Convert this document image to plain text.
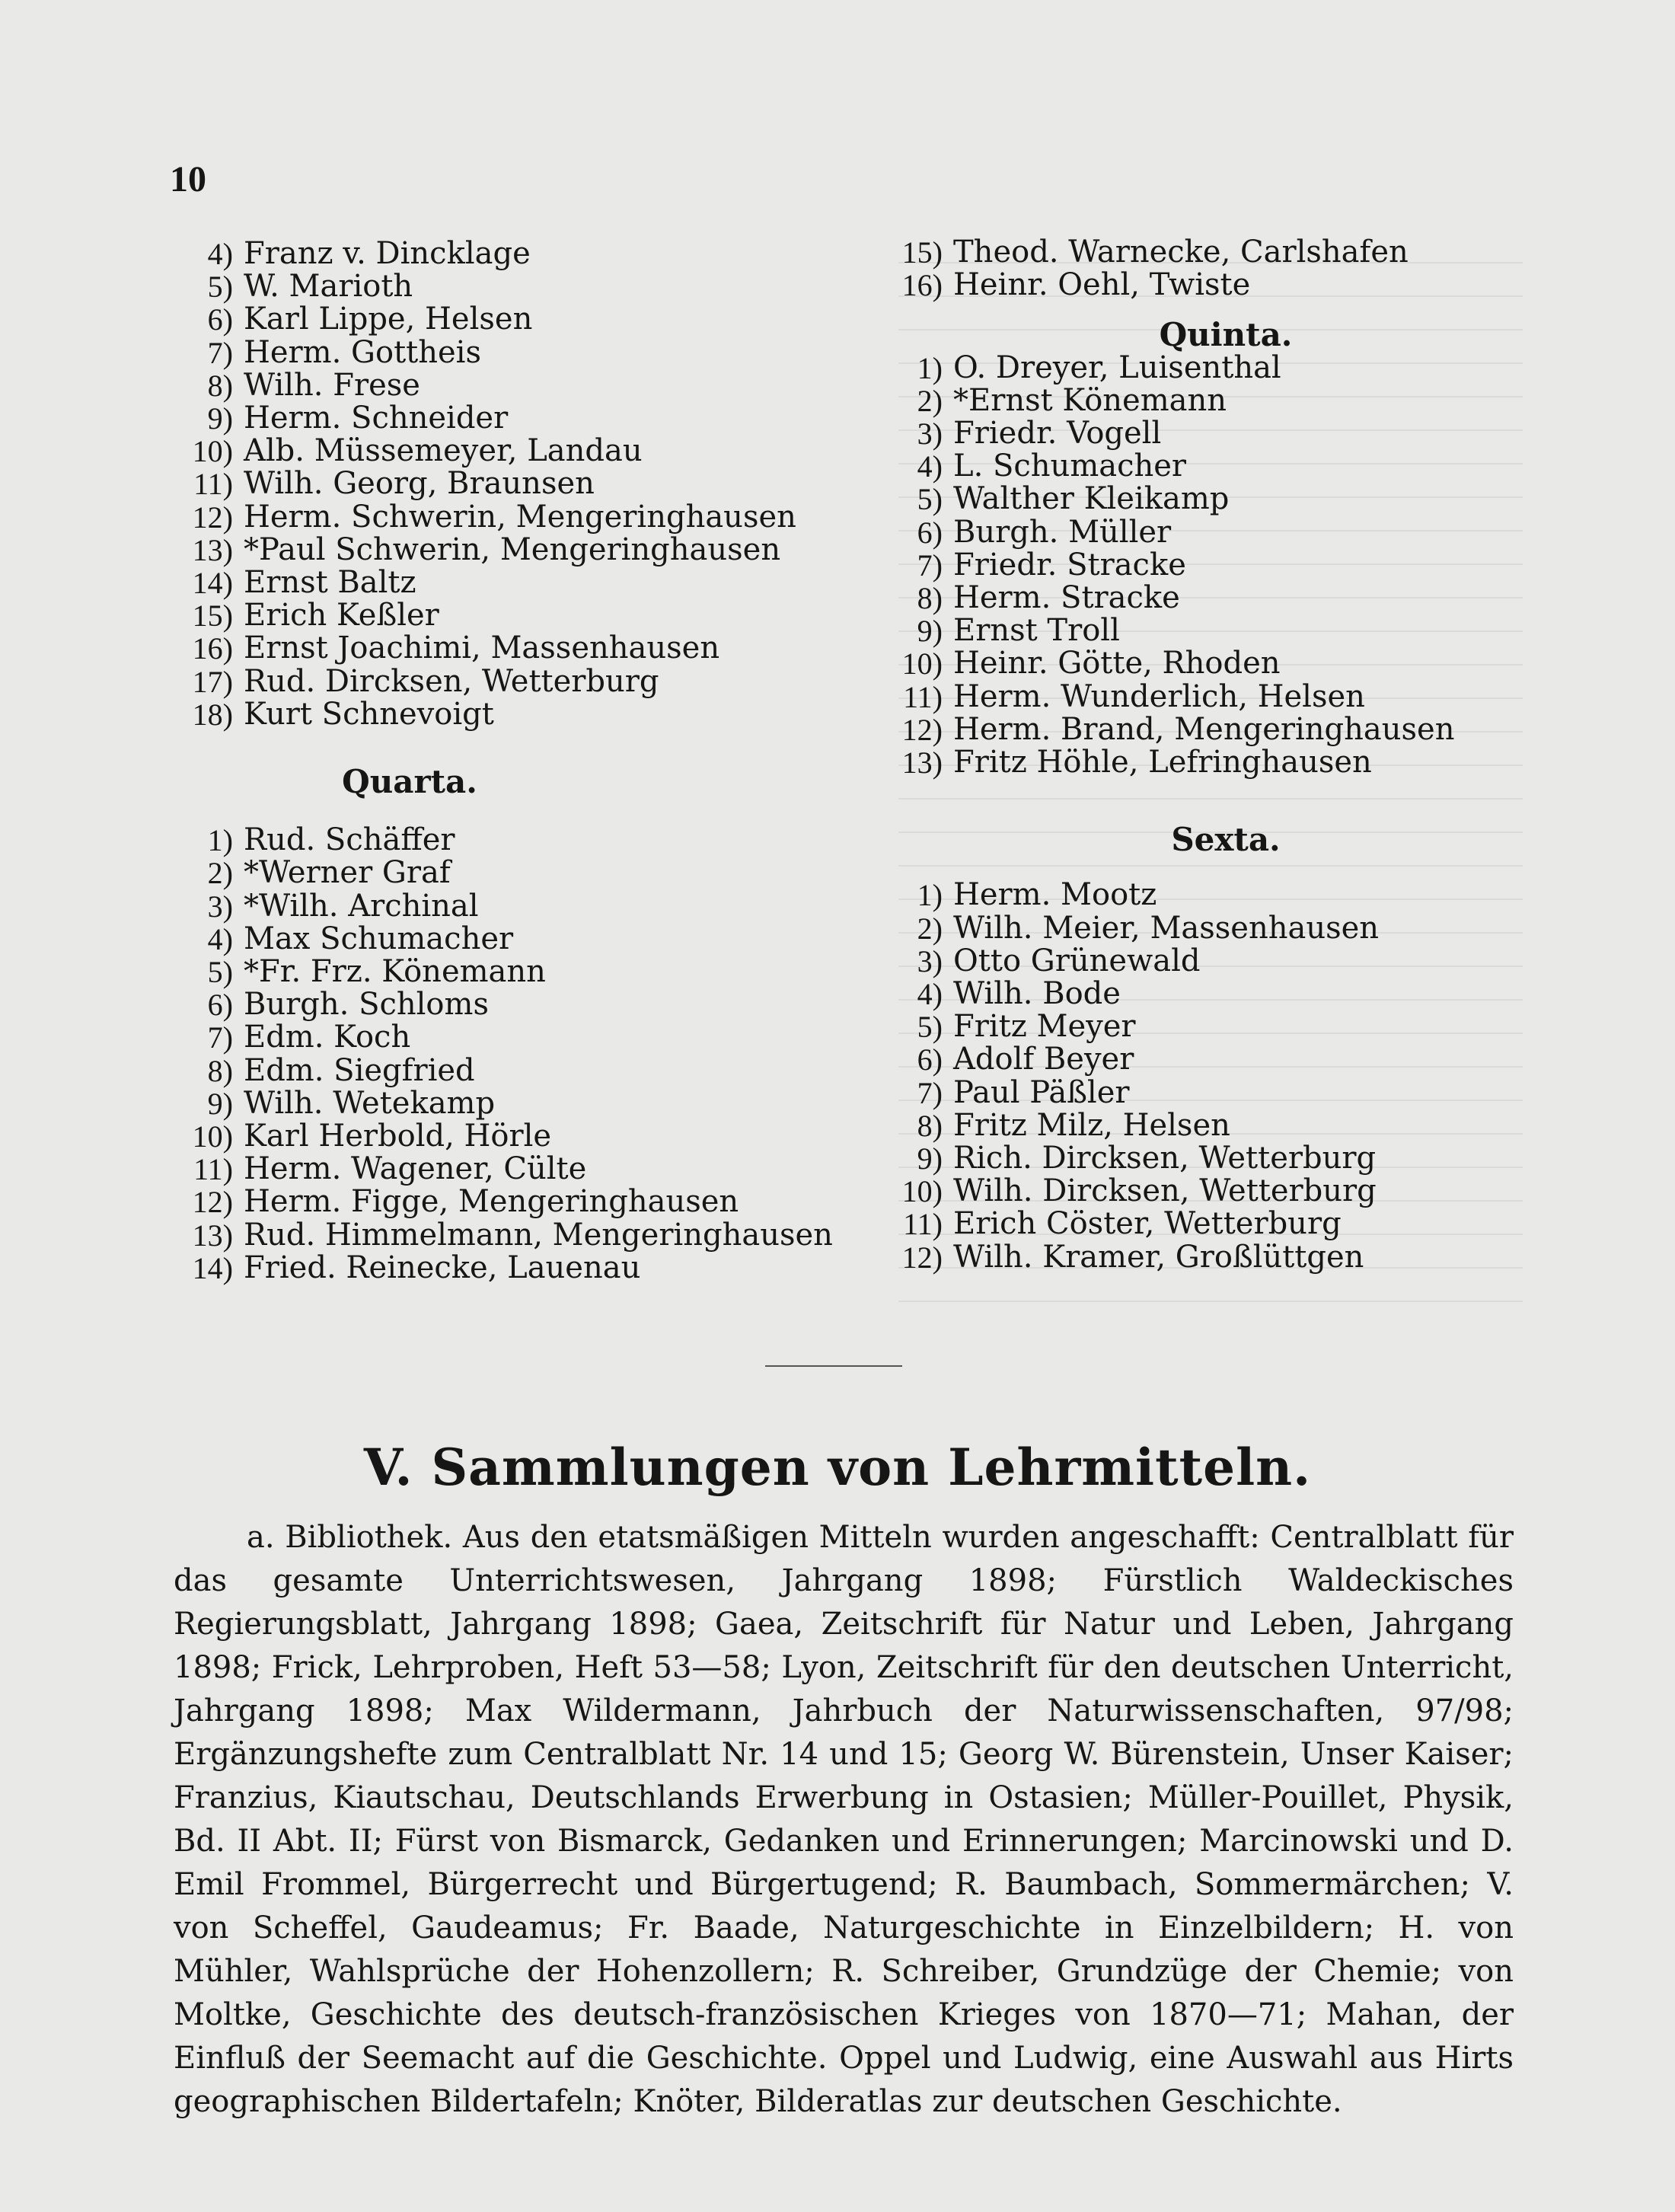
10
4) Franz v. Dincklage
5) W. Marioth
6) Karl Lippe, Helsen
7) Herm. Gottheis
8) Wilh. Frese
9) Herm. Schneider
10) Alb. Müssemeyer, Landau
11) Wilh. Georg, Braunsen
12) Herm. Schwerin, Mengeringhausen
13) *Paul Schwerin, Mengeringhausen
14) Ernst Baltz
15) Erich Keßler
16) Ernst Joachimi, Massenhausen
17) Rud. Dircksen, Wetterburg
18) Kurt Schnevoigt
Quarta.
1) Rud. Schäffer
2) *Werner Graf
3) *Wilh. Archinal
4) Max Schumacher
5) *Fr. Frz. Könemann
6) Burgh. Schloms
7) Edm. Koch
8) Edm. Siegfried
9) Wilh. Wetekamp
10) Karl Herbold, Hörle
11) Herm. Wagener, Cülte
12) Herm. Figge, Mengeringhausen
13) Rud. Himmelmann, Mengeringhausen
14) Fried. Reinecke, Lauenau
15) Theod. Warnecke, Carlshafen
16) Heinr. Oehl, Twiste
Quinta.
1) O. Dreyer, Luisenthal
2) *Ernst Könemann
3) Friedr. Vogell
4) L. Schumacher
5) Walther Kleikamp
6) Burgh. Müller
7) Friedr. Stracke
8) Herm. Stracke
9) Ernst Troll
10) Heinr. Götte, Rhoden
11) Herm. Wunderlich, Helsen
12) Herm. Brand, Mengeringhausen
13) Fritz Höhle, Lefringhausen
Sexta.
1) Herm. Mootz
2) Wilh. Meier, Massenhausen
3) Otto Grünewald
4) Wilh. Bode
5) Fritz Meyer
6) Adolf Beyer
7) Paul Päßler
8) Fritz Milz, Helsen
9) Rich. Dircksen, Wetterburg
10) Wilh. Dircksen, Wetterburg
11) Erich Cöster, Wetterburg
12) Wilh. Kramer, Großlüttgen
V. Sammlungen von Lehrmitteln.
a. Bibliothek. Aus den etatsmäßigen Mitteln wurden angeschafft: Centralblatt für das gesamte Unterrichtswesen, Jahrgang 1898; Fürstlich Waldeckisches Regierungsblatt, Jahrgang 1898; Gaea, Zeitschrift für Natur und Leben, Jahrgang 1898; Frick, Lehrproben, Heft 53—58; Lyon, Zeitschrift für den deutschen Unterricht, Jahrgang 1898; Max Wildermann, Jahrbuch der Naturwissenschaften, 97/98; Ergänzungshefte zum Centralblatt Nr. 14 und 15; Georg W. Bürenstein, Unser Kaiser; Franzius, Kiautschau, Deutschlands Erwerbung in Ostasien; Müller-Pouillet, Physik, Bd. II Abt. II; Fürst von Bismarck, Gedanken und Erinnerungen; Marcinowski und D. Emil Frommel, Bürgerrecht und Bürgertugend; R. Baumbach, Sommermärchen; V. von Scheffel, Gaudeamus; Fr. Baade, Naturgeschichte in Einzelbildern; H. von Mühler, Wahlsprüche der Hohenzollern; R. Schreiber, Grundzüge der Chemie; von Moltke, Geschichte des deutsch-französischen Krieges von 1870—71; Mahan, der Einfluß der Seemacht auf die Geschichte. Oppel und Ludwig, eine Auswahl aus Hirts geographischen Bildertafeln; Knöter, Bilderatlas zur deutschen Geschichte.
